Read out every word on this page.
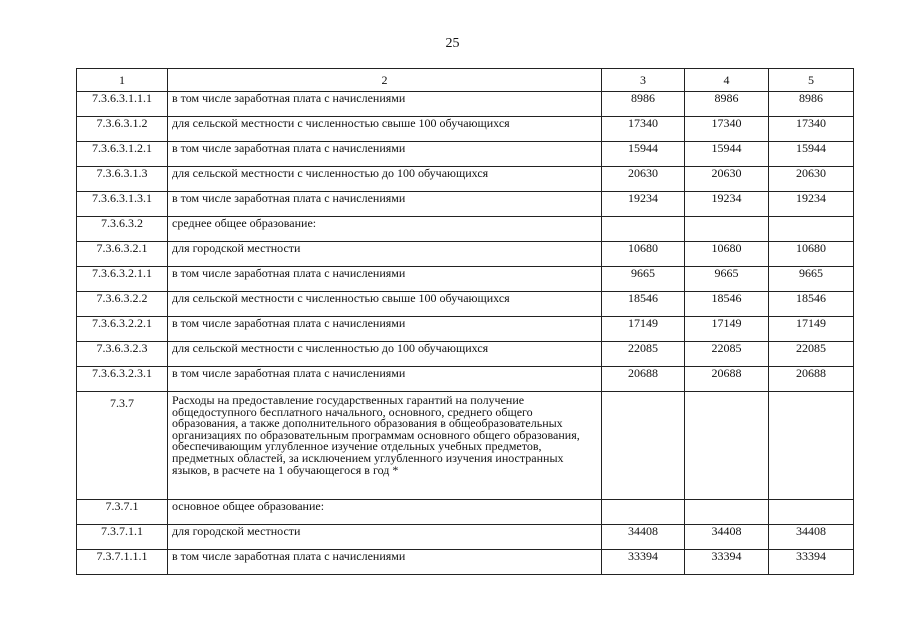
25
1	2	3	4	5
7.3.6.3.1.1.1	в том числе заработная плата с начислениями	8986	8986	8986
7.3.6.3.1.2	для сельской местности с численностью свыше 100 обучающихся	17340	17340	17340
7.3.6.3.1.2.1	в том числе заработная плата с начислениями	15944	15944	15944
7.3.6.3.1.3	для сельской местности с численностью до 100 обучающихся	20630	20630	20630
7.3.6.3.1.3.1	в том числе заработная плата с начислениями	19234	19234	19234
7.3.6.3.2	среднее общее образование:			
7.3.6.3.2.1	для городской местности	10680	10680	10680
7.3.6.3.2.1.1	в том числе заработная плата с начислениями	9665	9665	9665
7.3.6.3.2.2	для сельской местности с численностью свыше 100 обучающихся	18546	18546	18546
7.3.6.3.2.2.1	в том числе заработная плата с начислениями	17149	17149	17149
7.3.6.3.2.3	для сельской местности с численностью до 100 обучающихся	22085	22085	22085
7.3.6.3.2.3.1	в том числе заработная плата с начислениями	20688	20688	20688
7.3.7	Расходы на предоставление государственных гарантий на получение общедоступного бесплатного начального, основного, среднего общего образования, а также дополнительного образования в общеобразовательных организациях по образовательным программам основного общего образования, обеспечивающим углубленное изучение отдельных учебных предметов, предметных областей, за исключением углубленного изучения иностранных языков, в расчете на 1 обучающегося в год *			
7.3.7.1	основное общее образование:			
7.3.7.1.1	для городской местности	34408	34408	34408
7.3.7.1.1.1	в том числе заработная плата с начислениями	33394	33394	33394
